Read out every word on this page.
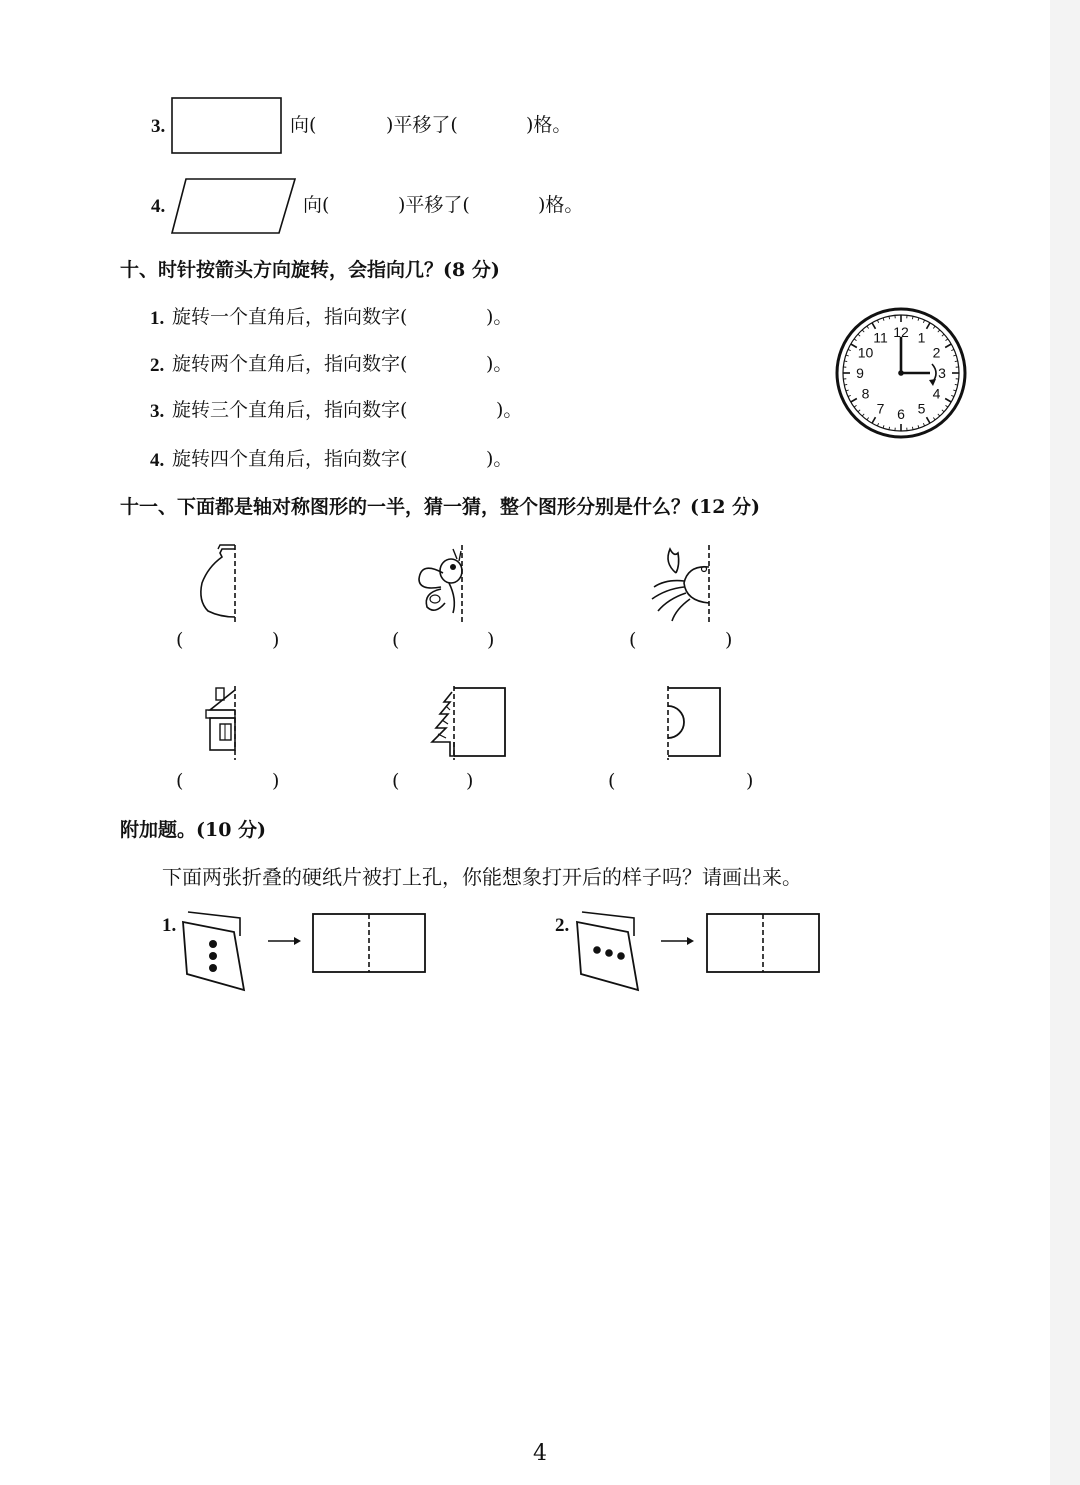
3.	向(	)平移了(	)格。
4.	向(	)平移了(	)格。
十、时针按箭头方向旋转，会指向几？(8 分)
1. 旋转一个直角后，指向数字(	)。
2. 旋转两个直角后，指向数字(	)。
3. 旋转三个直角后，指向数字(	)。
4. 旋转四个直角后，指向数字(	)。
12 1
2
3
4
5
6
7
8
9
10
11
十一、下面都是轴对称图形的一半，猜一猜，整个图形分别是什么？(12 分)
(	)	(	)	(	)
(	)	(	)	(	)
附加题。(10 分)
下面两张折叠的硬纸片被打上孔，你能想象打开后的样子吗？请画出来。
1.	2.
4
